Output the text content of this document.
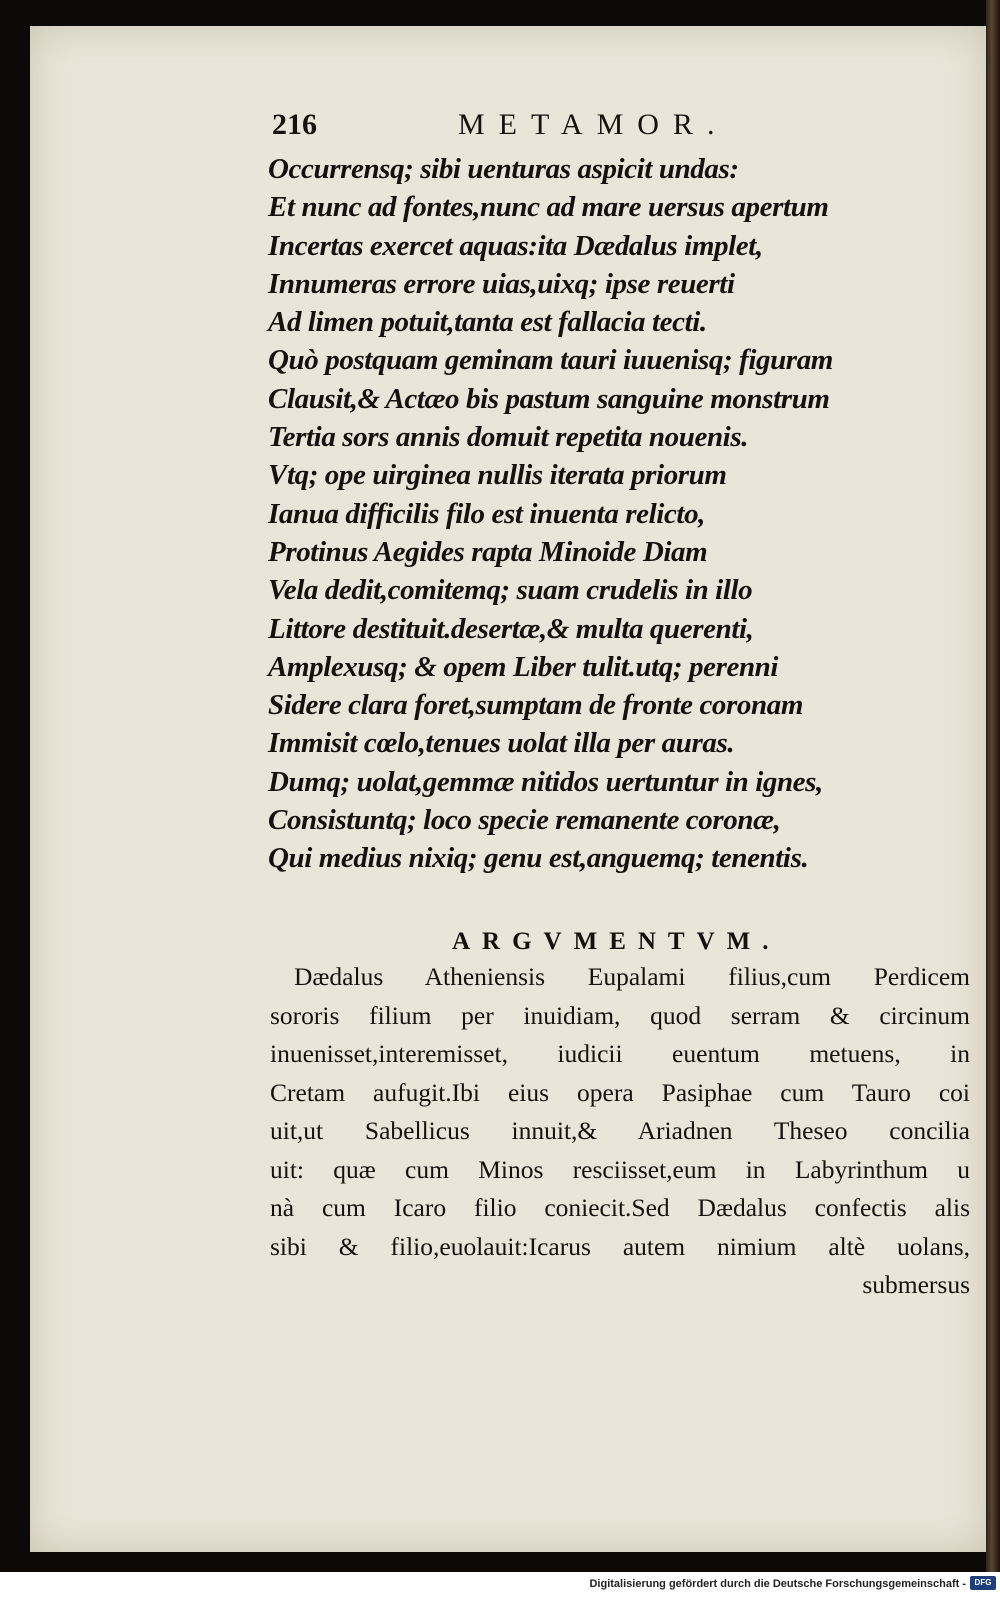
216	METAMOR.
Occurrensq; sibi uenturas aspicit undas:
Et nunc ad fontes,nunc ad mare uersus apertum
Incertas exercet aquas:ita Dædalus implet,
Innumeras errore uias,uixq; ipse reuerti
Ad limen potuit,tanta est fallacia tecti.
Quò postquam geminam tauri iuuenisq; figuram
Clausit,& Actæo bis pastum sanguine monstrum
Tertia sors annis domuit repetita nouenis.
Vtq; ope uirginea nullis iterata priorum
Ianua difficilis filo est inuenta relicto,
Protinus Aegides rapta Minoide Diam
Vela dedit,comitemq; suam crudelis in illo
Littore destituit.desertæ,& multa querenti,
Amplexusq; & opem Liber tulit.utq; perenni
Sidere clara foret,sumptam de fronte coronam
Immisit cœlo,tenues uolat illa per auras.
Dumq; uolat,gemmæ nitidos uertuntur in ignes,
Consistuntq; loco specie remanente coronæ,
Qui medius nixiq; genu est,anguemq; tenentis.
ARGVMENTVM.
Dædalus Atheniensis Eupalami filius,cum Perdicem
sororis filium per inuidiam, quod serram & circinum
inuenisset,interemisset, iudicii euentum metuens, in
Cretam aufugit.Ibi eius opera Pasiphae cum Tauro coi
uit,ut Sabellicus innuit,& Ariadnen Theseo concilia
uit: quæ cum Minos resciisset,eum in Labyrinthum u
nà cum Icaro filio coniecit.Sed Dædalus confectis alis
sibi & filio,euolauit:Icarus autem nimium altè uolans,
submersus
Digitalisierung gefördert durch die Deutsche Forschungsgemeinschaft -	DFG
